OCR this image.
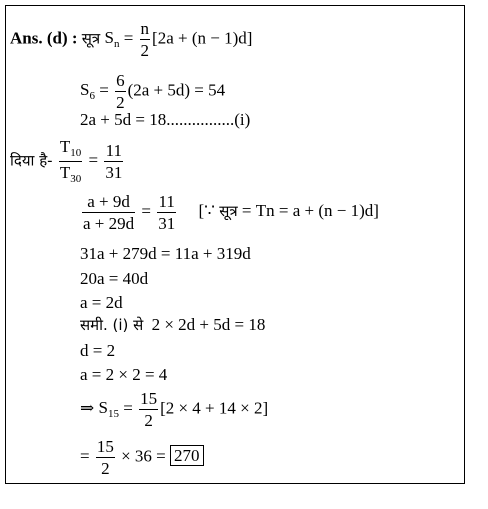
Ans. (d) : सूत्र $S_n = \frac{n}{2} [2a + (n - 1)d]$
$S_6 = \frac{6}{2} (2a + 5d) = 54$
2a + 5d = 18................(i)
दिया है- $\frac{T_{10}}{T_{30}} = \frac{11}{31}$
$\frac{a + 9d}{a + 29d} = \frac{11}{31}$ [∵ सूत्र = Tn = a + (n − 1)d]
31a + 279d = 11a + 319d
20a = 40d
a = 2d
समी. (i) से 2 × 2d + 5d = 18
d = 2
a = 2 × 2 = 4
⇒ $S_{15} = \frac{15}{2} [2 \times 4 + 14 \times 2]$
= $\frac{15}{2} \times 36 = 270$
